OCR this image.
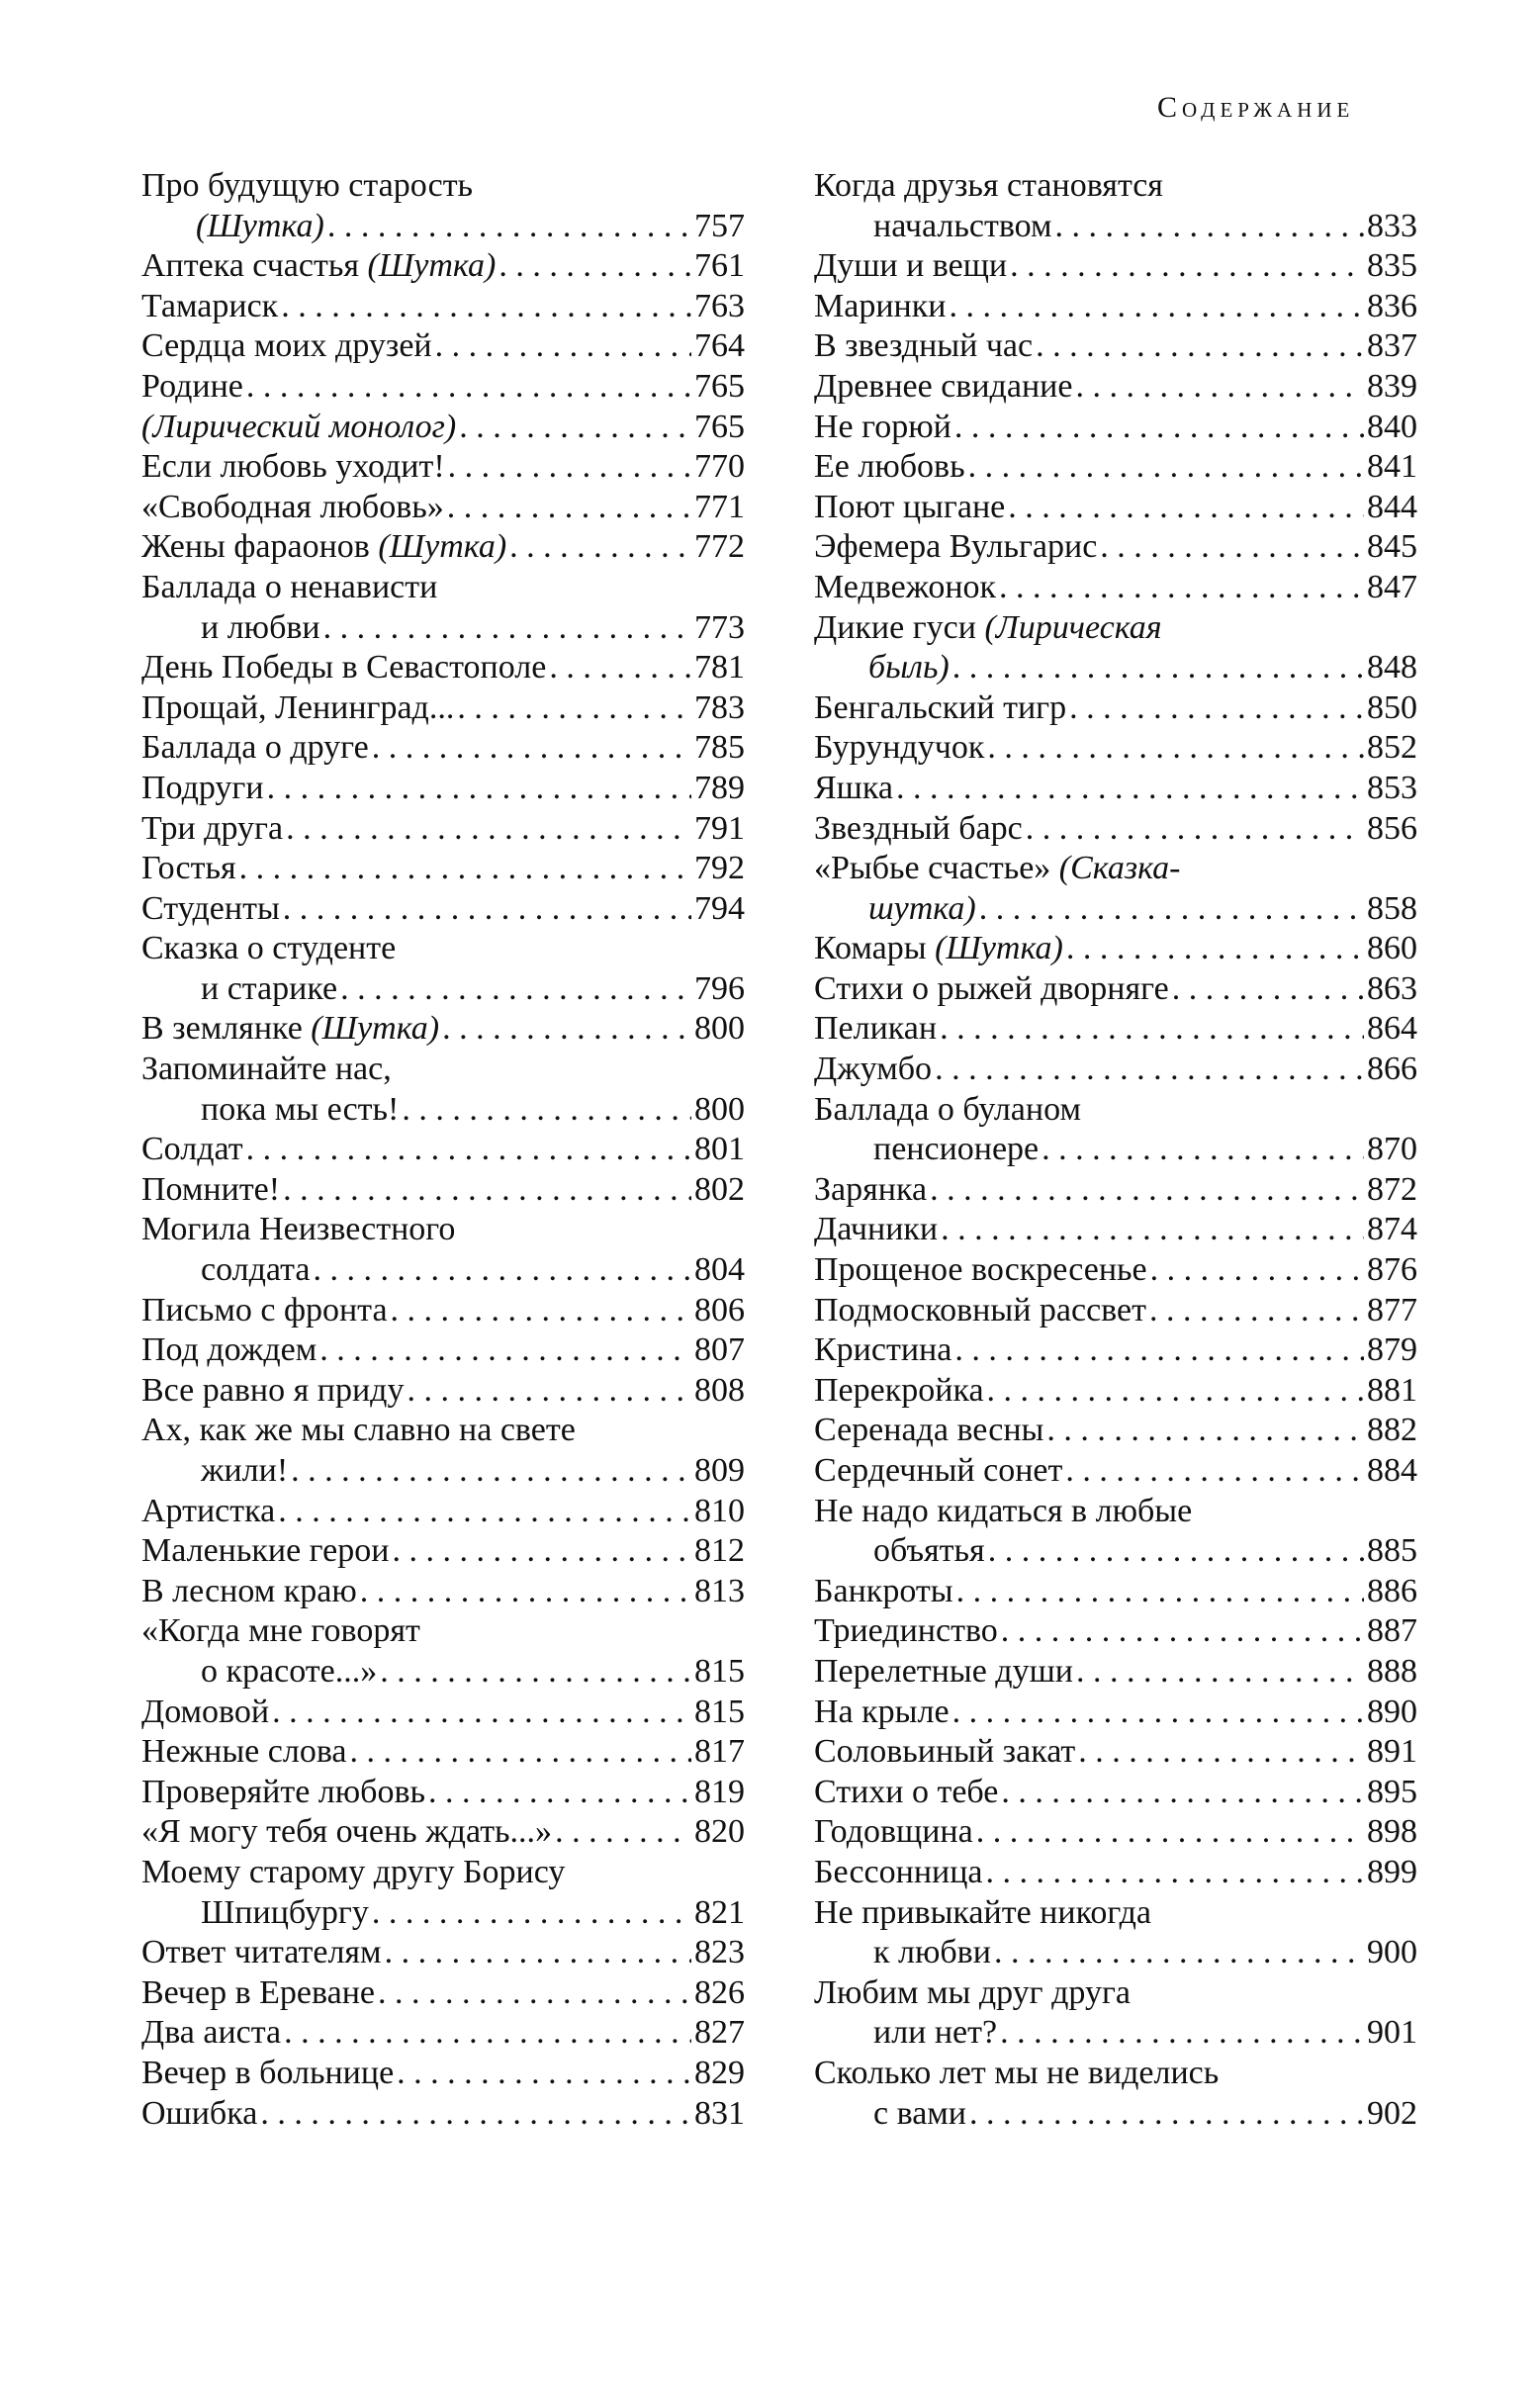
Содержание
Про будущую старость
(Шутка) . . .	757
Аптека счастья (Шутка) . . .	761
Тамариск . . .	763
Сердца моих друзей . . .	764
Родине . . .	765
(Лирический монолог) . . .	765
Если любовь уходит! . . .	770
«Свободная любовь» . . .	771
Жены фараонов (Шутка) . . .	772
Баллада о ненависти
и любви . . .	773
День Победы в Севастополе . . .	781
Прощай, Ленинград... . . .	783
Баллада о друге . . .	785
Подруги . . .	789
Три друга . . .	791
Гостья . . .	792
Студенты . . .	794
Сказка о студенте
и старике . . .	796
В землянке (Шутка) . . .	800
Запоминайте нас,
пока мы есть! . . .	800
Солдат . . .	801
Помните! . . .	802
Могила Неизвестного
солдата . . .	804
Письмо с фронта . . .	806
Под дождем . . .	807
Все равно я приду . . .	808
Ах, как же мы славно на свете
жили! . . .	809
Артистка . . .	810
Маленькие герои . . .	812
В лесном краю . . .	813
«Когда мне говорят
о красоте...» . . .	815
Домовой . . .	815
Нежные слова . . .	817
Проверяйте любовь . . .	819
«Я могу тебя очень ждать...» . . .	820
Моему старому другу Борису
Шпицбургу . . .	821
Ответ читателям . . .	823
Вечер в Ереване . . .	826
Два аиста . . .	827
Вечер в больнице . . .	829
Ошибка . . .	831
Когда друзья становятся
начальством . . .	833
Души и вещи . . .	835
Маринки . . .	836
В звездный час . . .	837
Древнее свидание . . .	839
Не горюй . . .	840
Ее любовь . . .	841
Поют цыгане . . .	844
Эфемера Вульгарис . . .	845
Медвежонок . . .	847
Дикие гуси (Лирическая
быль) . . .	848
Бенгальский тигр . . .	850
Бурундучок . . .	852
Яшка . . .	853
Звездный барс . . .	856
«Рыбье счастье» (Сказка-
шутка) . . .	858
Комары (Шутка) . . .	860
Стихи о рыжей дворняге . . .	863
Пеликан . . .	864
Джумбо . . .	866
Баллада о буланом
пенсионере . . .	870
Зарянка . . .	872
Дачники . . .	874
Прощеное воскресенье . . .	876
Подмосковный рассвет . . .	877
Кристина . . .	879
Перекройка . . .	881
Серенада весны . . .	882
Сердечный сонет . . .	884
Не надо кидаться в любые
объятья . . .	885
Банкроты . . .	886
Триединство . . .	887
Перелетные души . . .	888
На крыле . . .	890
Соловьиный закат . . .	891
Стихи о тебе . . .	895
Годовщина . . .	898
Бессонница . . .	899
Не привыкайте никогда
к любви . . .	900
Любим мы друг друга
или нет? . . .	901
Сколько лет мы не виделись
с вами . . .	902
